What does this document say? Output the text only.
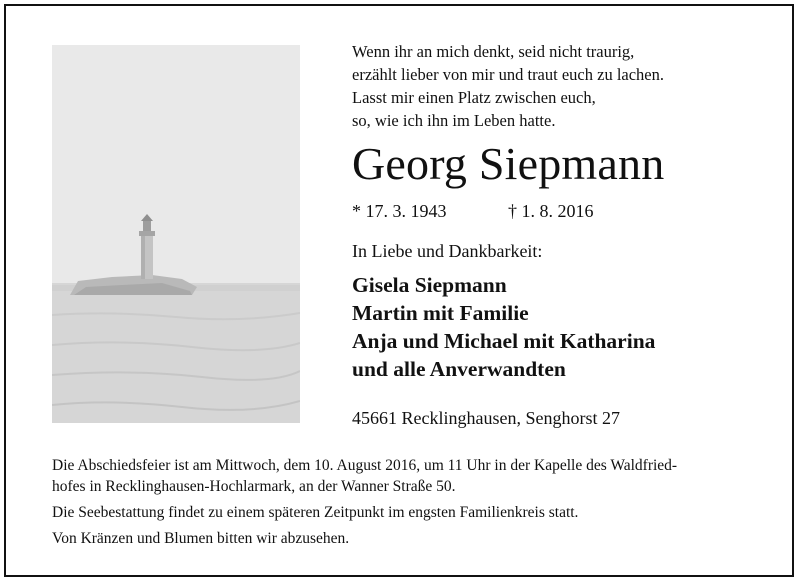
Wenn ihr an mich denkt, seid nicht traurig,
erzählt lieber von mir und traut euch zu lachen.
Lasst mir einen Platz zwischen euch,
so, wie ich ihn im Leben hatte.
Georg Siepmann
* 17. 3. 1943	† 1. 8. 2016
In Liebe und Dankbarkeit:
Gisela Siepmann
Martin mit Familie
Anja und Michael mit Katharina
und alle Anverwandten
45661 Recklinghausen, Senghorst 27
Die Abschiedsfeier ist am Mittwoch, dem 10. August 2016, um 11 Uhr in der Kapelle des Waldfried-
hofes in Recklinghausen-Hochlarmark, an der Wanner Straße 50.
Die Seebestattung findet zu einem späteren Zeitpunkt im engsten Familienkreis statt.
Von Kränzen und Blumen bitten wir abzusehen.
